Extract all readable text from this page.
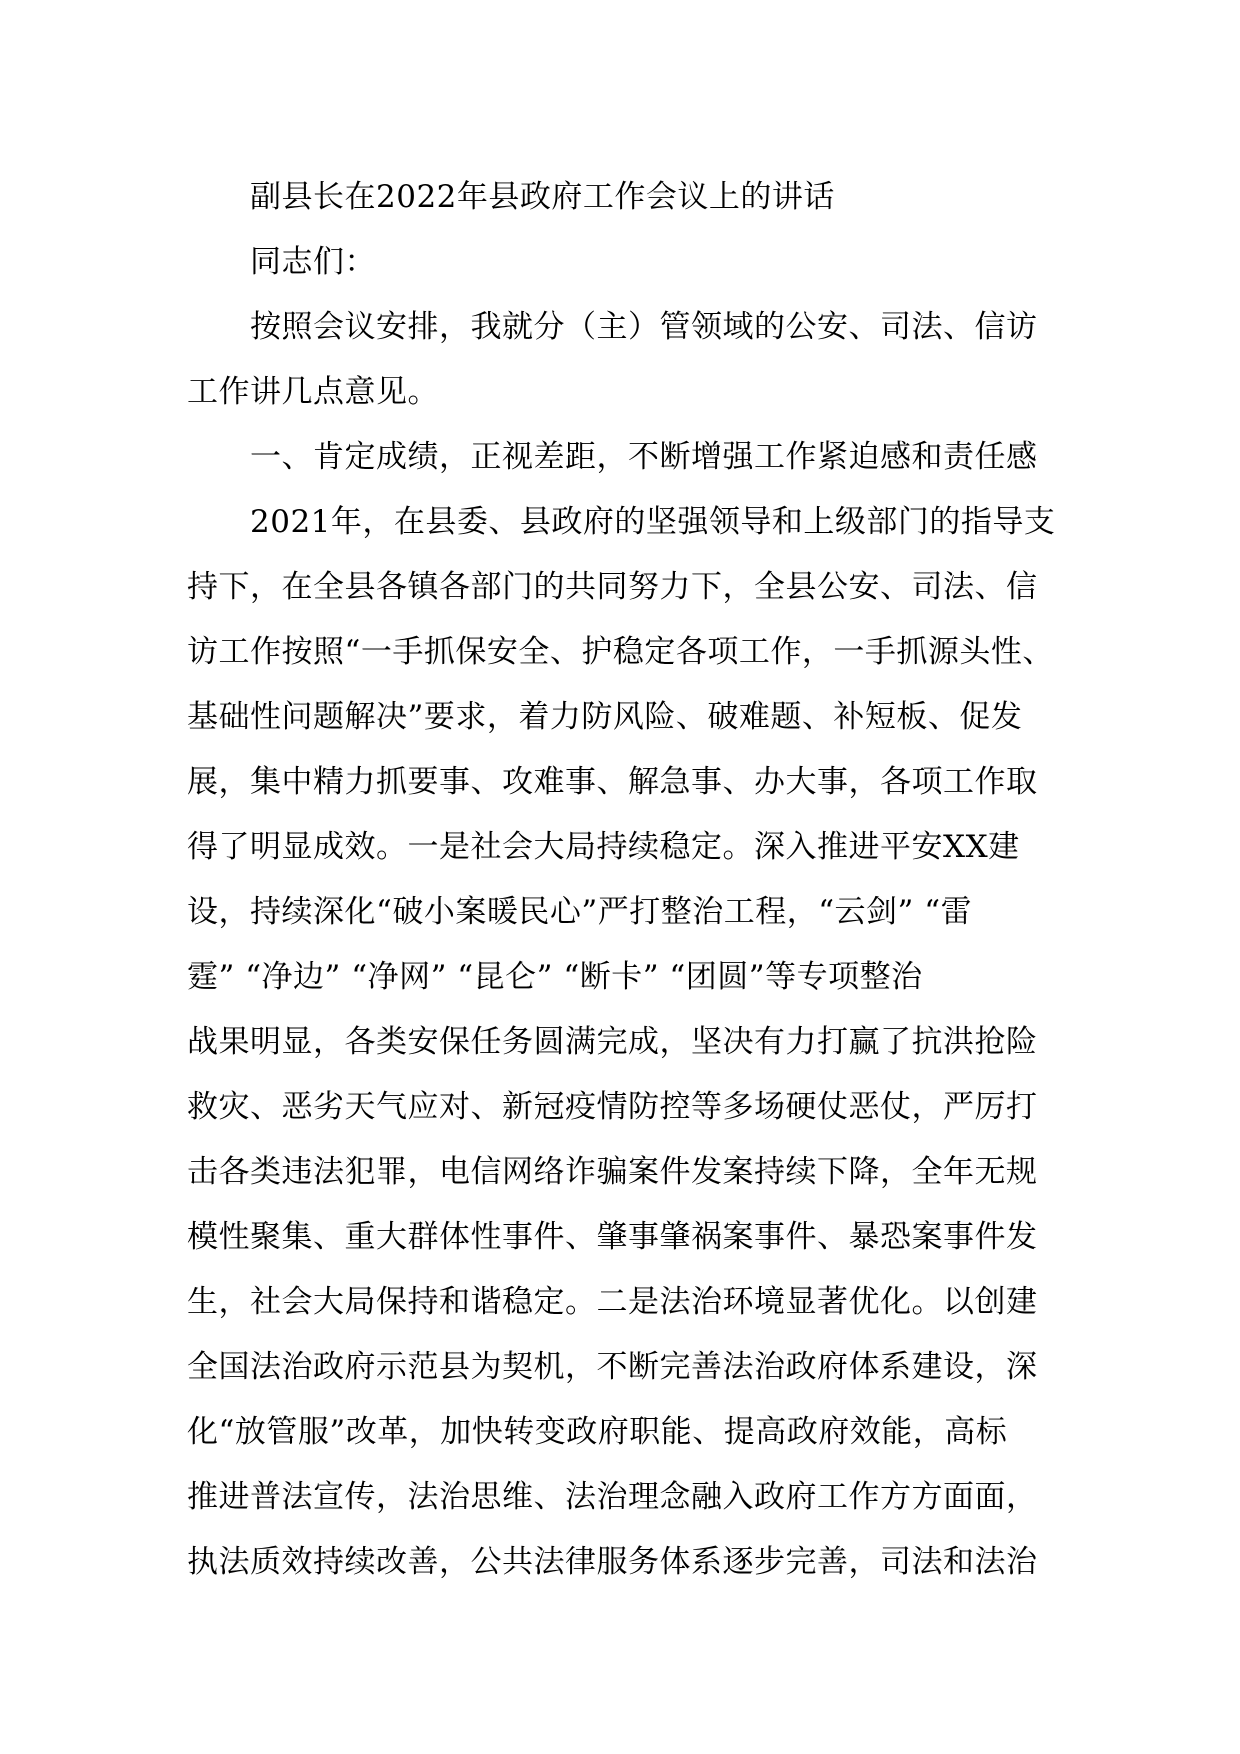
副县长在2022年县政府工作会议上的讲话
同志们：
按照会议安排，我就分（主）管领域的公安、司法、信访
工作讲几点意见。
一、肯定成绩，正视差距，不断增强工作紧迫感和责任感
2021年，在县委、县政府的坚强领导和上级部门的指导支
持下，在全县各镇各部门的共同努力下，全县公安、司法、信
访工作按照“一手抓保安全、护稳定各项工作，一手抓源头性、
基础性问题解决”要求，着力防风险、破难题、补短板、促发
展，集中精力抓要事、攻难事、解急事、办大事，各项工作取
得了明显成效。一是社会大局持续稳定。深入推进平安XX建
设，持续深化“破小案暖民心”严打整治工程，“云剑” “雷
霆” “净边” “净网” “昆仑” “断卡” “团圆”等专项整治
战果明显，各类安保任务圆满完成，坚决有力打赢了抗洪抢险
救灾、恶劣天气应对、新冠疫情防控等多场硬仗恶仗，严厉打
击各类违法犯罪，电信网络诈骗案件发案持续下降，全年无规
模性聚集、重大群体性事件、肇事肇祸案事件、暴恐案事件发
生，社会大局保持和谐稳定。二是法治环境显著优化。以创建
全国法治政府示范县为契机，不断完善法治政府体系建设，深
化“放管服”改革，加快转变政府职能、提高政府效能，高标
推进普法宣传，法治思维、法治理念融入政府工作方方面面，
执法质效持续改善，公共法律服务体系逐步完善，司法和法治
